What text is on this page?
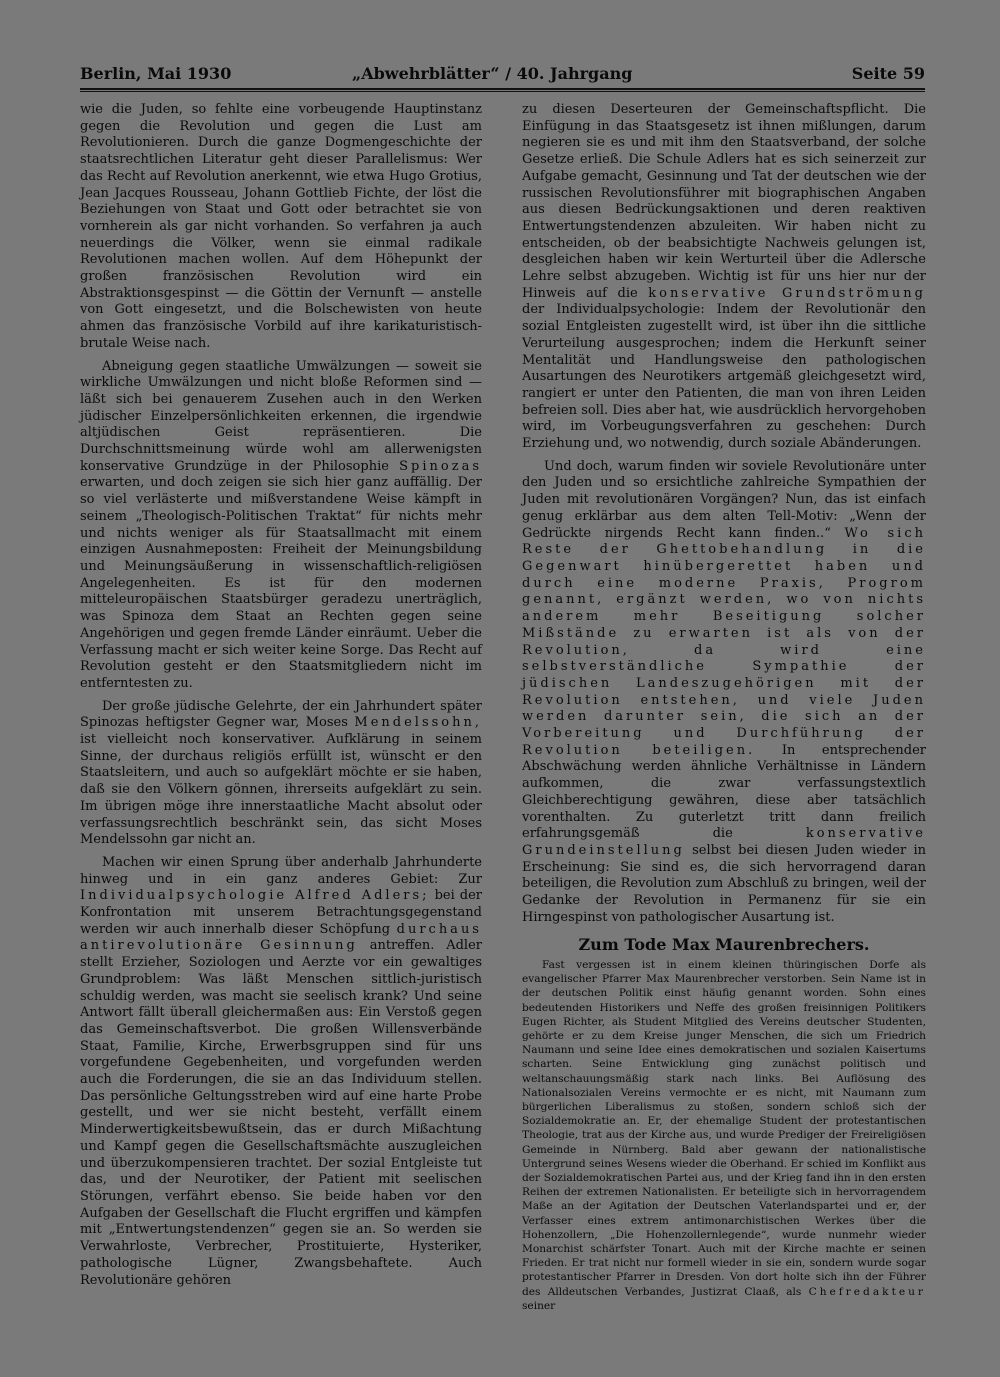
Berlin, Mai 1930	„Abwehrblätter“ / 40. Jahrgang	Seite 59

wie die Juden, so fehlte eine vorbeugende Hauptinstanz gegen die Revolution und gegen die Lust am Revolutionieren. Durch die ganze Dogmengeschichte der staatsrechtlichen Literatur geht dieser Parallelismus: Wer das Recht auf Revolution anerkennt, wie etwa Hugo Grotius, Jean Jacques Rousseau, Johann Gottlieb Fichte, der löst die Beziehungen von Staat und Gott oder betrachtet sie von vornherein als gar nicht vorhanden. So verfahren ja auch neuerdings die Völker, wenn sie einmal radikale Revolutionen machen wollen. Auf dem Höhepunkt der großen französischen Revolution wird ein Abstraktionsgespinst — die Göttin der Vernunft — anstelle von Gott eingesetzt, und die Bolschewisten von heute ahmen das französische Vorbild auf ihre karikaturistisch-brutale Weise nach.

Abneigung gegen staatliche Umwälzungen — soweit sie wirkliche Umwälzungen und nicht bloße Reformen sind — läßt sich bei genauerem Zusehen auch in den Werken jüdischer Einzelpersönlichkeiten erkennen, die irgendwie altjüdischen Geist repräsentieren. Die Durchschnittsmeinung würde wohl am allerwenigsten konservative Grundzüge in der Philosophie Spinozas erwarten, und doch zeigen sie sich hier ganz auffällig. Der so viel verlästerte und mißverstandene Weise kämpft in seinem „Theologisch-Politischen Traktat“ für nichts mehr und nichts weniger als für Staatsallmacht mit einem einzigen Ausnahmeposten: Freiheit der Meinungsbildung und Meinungsäußerung in wissenschaftlich-religiösen Angelegenheiten. Es ist für den modernen mitteleuropäischen Staatsbürger geradezu unerträglich, was Spinoza dem Staat an Rechten gegen seine Angehörigen und gegen fremde Länder einräumt. Ueber die Verfassung macht er sich weiter keine Sorge. Das Recht auf Revolution gesteht er den Staatsmitgliedern nicht im entferntesten zu.

Der große jüdische Gelehrte, der ein Jahrhundert später Spinozas heftigster Gegner war, Moses Mendelssohn, ist vielleicht noch konservativer. Aufklärung in seinem Sinne, der durchaus religiös erfüllt ist, wünscht er den Staatsleitern, und auch so aufgeklärt möchte er sie haben, daß sie den Völkern gönnen, ihrerseits aufgeklärt zu sein. Im übrigen möge ihre innerstaatliche Macht absolut oder verfassungsrechtlich beschränkt sein, das sicht Moses Mendelssohn gar nicht an.

Machen wir einen Sprung über anderhalb Jahrhunderte hinweg und in ein ganz anderes Gebiet: Zur Individualpsychologie Alfred Adlers; bei der Konfrontation mit unserem Betrachtungsgegenstand werden wir auch innerhalb dieser Schöpfung durchaus antirevolutionäre Gesinnung antreffen. Adler stellt Erzieher, Soziologen und Aerzte vor ein gewaltiges Grundproblem: Was läßt Menschen sittlich-juristisch schuldig werden, was macht sie seelisch krank? Und seine Antwort fällt überall gleichermaßen aus: Ein Verstoß gegen das Gemeinschaftsverbot. Die großen Willensverbände Staat, Familie, Kirche, Erwerbsgruppen sind für uns vorgefundene Gegebenheiten, und vorgefunden werden auch die Forderungen, die sie an das Individuum stellen. Das persönliche Geltungsstreben wird auf eine harte Probe gestellt, und wer sie nicht besteht, verfällt einem Minderwertigkeitsbewußtsein, das er durch Mißachtung und Kampf gegen die Gesellschaftsmächte auszugleichen und überzukompensieren trachtet. Der sozial Entgleiste tut das, und der Neurotiker, der Patient mit seelischen Störungen, verfährt ebenso. Sie beide haben vor den Aufgaben der Gesellschaft die Flucht ergriffen und kämpfen mit „Entwertungstendenzen“ gegen sie an. So werden sie Verwahrloste, Verbrecher, Prostituierte, Hysteriker, pathologische Lügner, Zwangsbehaftete. Auch Revolutionäre gehören

zu diesen Deserteuren der Gemeinschaftspflicht. Die Einfügung in das Staatsgesetz ist ihnen mißlungen, darum negieren sie es und mit ihm den Staatsverband, der solche Gesetze erließ. Die Schule Adlers hat es sich seinerzeit zur Aufgabe gemacht, Gesinnung und Tat der deutschen wie der russischen Revolutionsführer mit biographischen Angaben aus diesen Bedrückungsaktionen und deren reaktiven Entwertungstendenzen abzuleiten. Wir haben nicht zu entscheiden, ob der beabsichtigte Nachweis gelungen ist, desgleichen haben wir kein Werturteil über die Adlersche Lehre selbst abzugeben. Wichtig ist für uns hier nur der Hinweis auf die konservative Grundströmung der Individualpsychologie: Indem der Revolutionär den sozial Entgleisten zugestellt wird, ist über ihn die sittliche Verurteilung ausgesprochen; indem die Herkunft seiner Mentalität und Handlungsweise den pathologischen Ausartungen des Neurotikers artgemäß gleichgesetzt wird, rangiert er unter den Patienten, die man von ihren Leiden befreien soll. Dies aber hat, wie ausdrücklich hervorgehoben wird, im Vorbeugungsverfahren zu geschehen: Durch Erziehung und, wo notwendig, durch soziale Abänderungen.

Und doch, warum finden wir soviele Revolutionäre unter den Juden und so ersichtliche zahlreiche Sympathien der Juden mit revolutionären Vorgängen? Nun, das ist einfach genug erklärbar aus dem alten Tell-Motiv: „Wenn der Gedrückte nirgends Recht kann finden..“ Wo sich Reste der Ghettobehandlung in die Gegenwart hinübergerettet haben und durch eine moderne Praxis, Progrom genannt, ergänzt werden, wo von nichts anderem mehr Beseitigung solcher Mißstände zu erwarten ist als von der Revolution, da wird eine selbstverständliche Sympathie der jüdischen Landeszugehörigen mit der Revolution entstehen, und viele Juden werden darunter sein, die sich an der Vorbereitung und Durchführung der Revolution beteiligen. In entsprechender Abschwächung werden ähnliche Verhältnisse in Ländern aufkommen, die zwar verfassungstextlich Gleichberechtigung gewähren, diese aber tatsächlich vorenthalten. Zu guterletzt tritt dann freilich erfahrungsgemäß die	konservative Grundeinstellung selbst bei diesen Juden wieder in Erscheinung: Sie sind es, die sich hervorragend daran beteiligen, die Revolution zum Abschluß zu bringen, weil der Gedanke der Revolution in Permanenz für sie ein Hirngespinst von pathologischer Ausartung ist.

Zum Tode Max Maurenbrechers.

Fast vergessen ist in einem kleinen thüringischen Dorfe als evangelischer Pfarrer Max Maurenbrecher verstorben. Sein Name ist in der deutschen Politik einst häufig genannt worden. Sohn eines bedeutenden Historikers und Neffe des großen freisinnigen Politikers Eugen Richter, als Student Mitglied des Vereins deutscher Studenten, gehörte er zu dem Kreise junger Menschen, die sich um Friedrich Naumann und seine Idee eines demokratischen und sozialen Kaisertums scharten. Seine Entwicklung ging zunächst politisch und weltanschauungsmäßig stark nach links. Bei Auflösung des Nationalsozialen Vereins vermochte er es nicht, mit Naumann zum bürgerlichen Liberalismus zu stoßen, sondern schloß sich der Sozialdemokratie an. Er, der ehemalige Student der protestantischen Theologie, trat aus der Kirche aus, und wurde Prediger der Freireligiösen Gemeinde in Nürnberg. Bald aber gewann der nationalistische Untergrund seines Wesens wieder die Oberhand. Er schied im Konflikt aus der Sozialdemokratischen Partei aus, und der Krieg fand ihn in den ersten Reihen der extremen Nationalisten. Er beteiligte sich in hervorragendem Maße an der Agitation der Deutschen Vaterlandspartei und er, der Verfasser eines extrem antimonarchistischen Werkes über die Hohenzollern, „Die Hohenzollernlegende“, wurde nunmehr wieder Monarchist schärfster Tonart. Auch mit der Kirche machte er seinen Frieden. Er trat nicht nur formell wieder in sie ein, sondern wurde sogar protestantischer Pfarrer in Dresden. Von dort holte sich ihn der Führer des Alldeutschen Verbandes, Justizrat Claaß, als Chefredakteur seiner
